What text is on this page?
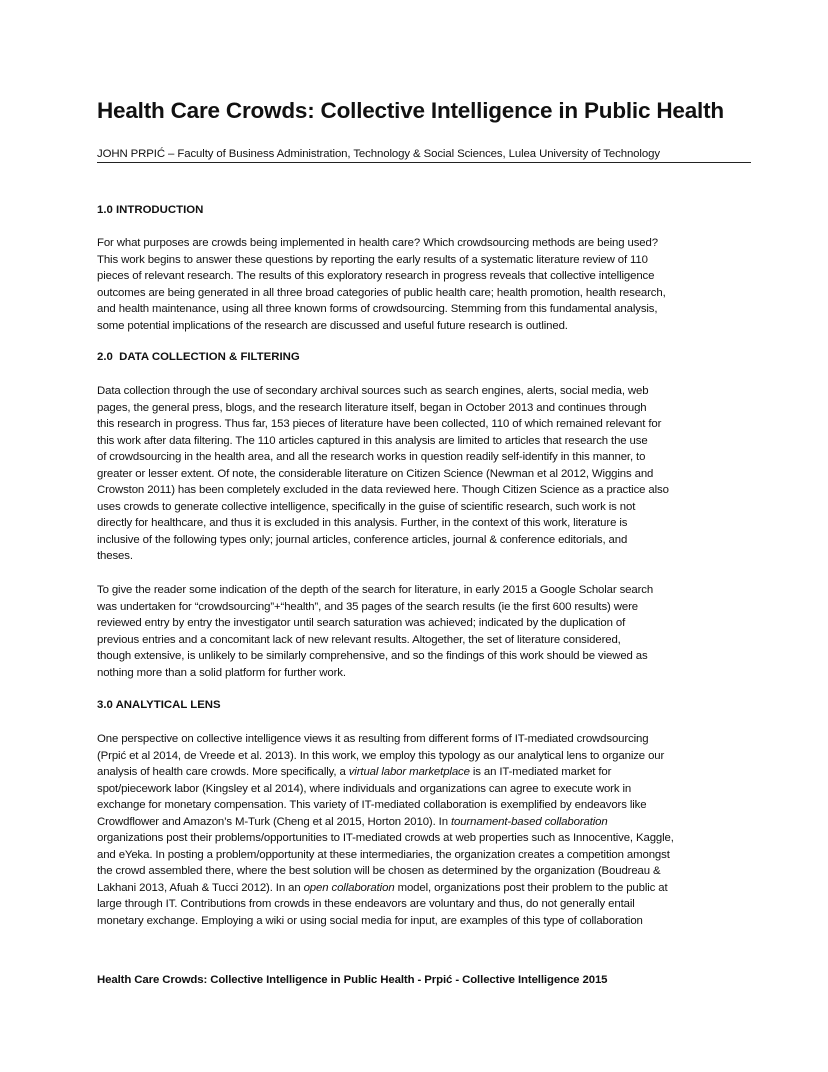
Health Care Crowds: Collective Intelligence in Public Health
JOHN PRPIĆ – Faculty of Business Administration, Technology & Social Sciences, Lulea University of Technology
1.0 INTRODUCTION
For what purposes are crowds being implemented in health care? Which crowdsourcing methods are being used?
This work begins to answer these questions by reporting the early results of a systematic literature review of 110
pieces of relevant research. The results of this exploratory research in progress reveals that collective intelligence
outcomes are being generated in all three broad categories of public health care; health promotion, health research,
and health maintenance, using all three known forms of crowdsourcing. Stemming from this fundamental analysis,
some potential implications of the research are discussed and useful future research is outlined.
2.0  DATA COLLECTION & FILTERING
Data collection through the use of secondary archival sources such as search engines, alerts, social media, web
pages, the general press, blogs, and the research literature itself, began in October 2013 and continues through
this research in progress. Thus far, 153 pieces of literature have been collected, 110 of which remained relevant for
this work after data filtering. The 110 articles captured in this analysis are limited to articles that research the use
of crowdsourcing in the health area, and all the research works in question readily self-identify in this manner, to
greater or lesser extent. Of note, the considerable literature on Citizen Science (Newman et al 2012, Wiggins and
Crowston 2011) has been completely excluded in the data reviewed here. Though Citizen Science as a practice also
uses crowds to generate collective intelligence, specifically in the guise of scientific research, such work is not
directly for healthcare, and thus it is excluded in this analysis. Further, in the context of this work, literature is
inclusive of the following types only; journal articles, conference articles, journal & conference editorials, and
theses.
To give the reader some indication of the depth of the search for literature, in early 2015 a Google Scholar search
was undertaken for “crowdsourcing”+“health”, and 35 pages of the search results (ie the first 600 results) were
reviewed entry by entry the investigator until search saturation was achieved; indicated by the duplication of
previous entries and a concomitant lack of new relevant results. Altogether, the set of literature considered,
though extensive, is unlikely to be similarly comprehensive, and so the findings of this work should be viewed as
nothing more than a solid platform for further work.
3.0 ANALYTICAL LENS
One perspective on collective intelligence views it as resulting from different forms of IT-mediated crowdsourcing
(Prpić et al 2014, de Vreede et al. 2013). In this work, we employ this typology as our analytical lens to organize our
analysis of health care crowds. More specifically, a virtual labor marketplace is an IT-mediated market for
spot/piecework labor (Kingsley et al 2014), where individuals and organizations can agree to execute work in
exchange for monetary compensation. This variety of IT-mediated collaboration is exemplified by endeavors like
Crowdflower and Amazon’s M-Turk (Cheng et al 2015, Horton 2010). In tournament-based collaboration
organizations post their problems/opportunities to IT-mediated crowds at web properties such as Innocentive, Kaggle,
and eYeka. In posting a problem/opportunity at these intermediaries, the organization creates a competition amongst
the crowd assembled there, where the best solution will be chosen as determined by the organization (Boudreau &
Lakhani 2013, Afuah & Tucci 2012). In an open collaboration model, organizations post their problem to the public at
large through IT. Contributions from crowds in these endeavors are voluntary and thus, do not generally entail
monetary exchange. Employing a wiki or using social media for input, are examples of this type of collaboration
Health Care Crowds: Collective Intelligence in Public Health - Prpić - Collective Intelligence 2015
